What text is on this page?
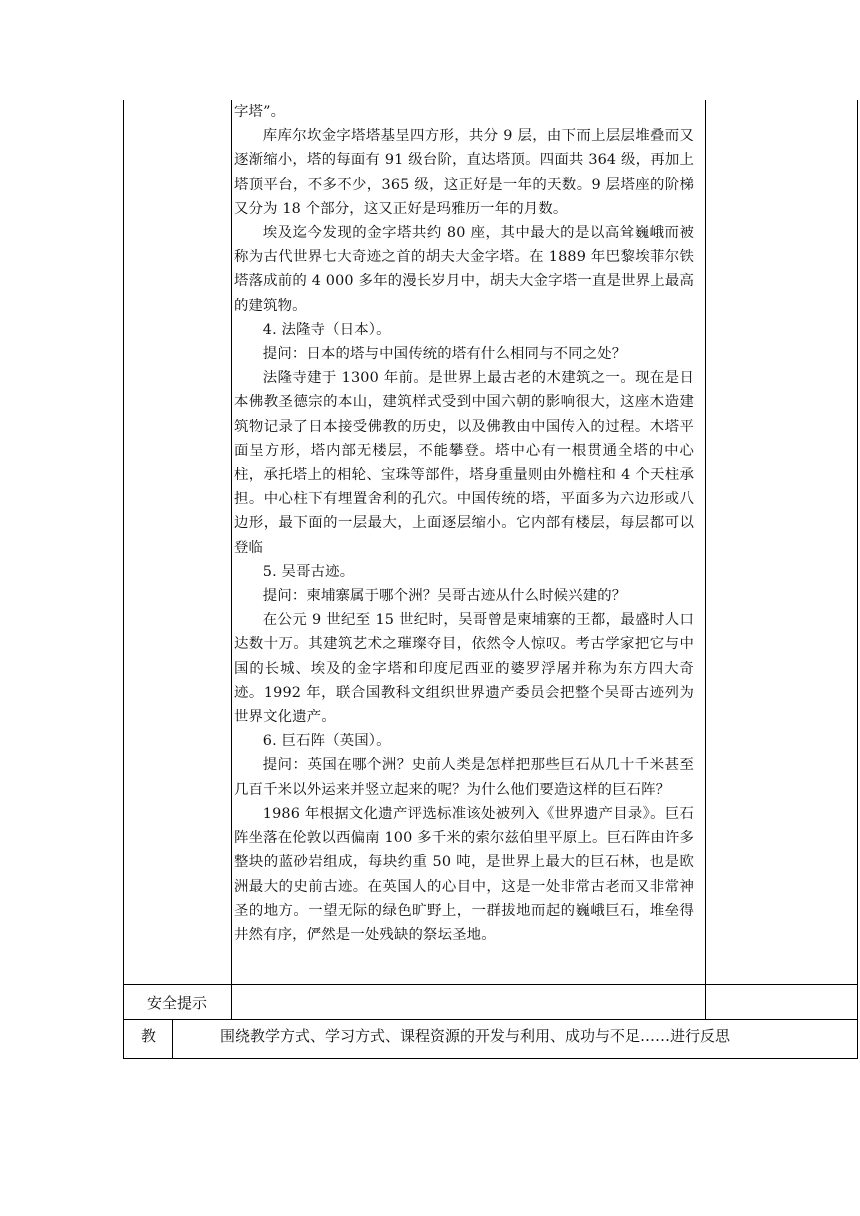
字塔”。

库库尔坎金字塔塔基呈四方形，共分 9 层，由下而上层层堆叠而又逐渐缩小，塔的每面有 91 级台阶，直达塔顶。四面共 364 级，再加上塔顶平台，不多不少，365 级，这正好是一年的天数。9 层塔座的阶梯又分为 18 个部分，这又正好是玛雅历一年的月数。

埃及迄今发现的金字塔共约 80 座，其中最大的是以高耸巍峨而被称为古代世界七大奇迹之首的胡夫大金字塔。在 1889 年巴黎埃菲尔铁塔落成前的 4 000 多年的漫长岁月中，胡夫大金字塔一直是世界上最高的建筑物。

4. 法隆寺（日本）。

提问：日本的塔与中国传统的塔有什么相同与不同之处？

法隆寺建于 1300 年前。是世界上最古老的木建筑之一。现在是日本佛教圣德宗的本山，建筑样式受到中国六朝的影响很大，这座木造建筑物记录了日本接受佛教的历史，以及佛教由中国传入的过程。木塔平面呈方形，塔内部无楼层，不能攀登。塔中心有一根贯通全塔的中心柱，承托塔上的相轮、宝珠等部件，塔身重量则由外檐柱和 4 个天柱承担。中心柱下有埋置舍利的孔穴。中国传统的塔，平面多为六边形或八边形，最下面的一层最大，上面逐层缩小。它内部有楼层，每层都可以登临

5. 吴哥古迹。

提问：柬埔寨属于哪个洲？吴哥古迹从什么时候兴建的？

在公元 9 世纪至 15 世纪时，吴哥曾是柬埔寨的王都，最盛时人口达数十万。其建筑艺术之璀璨夺目，依然令人惊叹。考古学家把它与中国的长城、埃及的金字塔和印度尼西亚的婆罗浮屠并称为东方四大奇迹。1992 年，联合国教科文组织世界遗产委员会把整个吴哥古迹列为世界文化遗产。

6. 巨石阵（英国）。

提问：英国在哪个洲？史前人类是怎样把那些巨石从几十千米甚至几百千米以外运来并竖立起来的呢？为什么他们要造这样的巨石阵？

1986 年根据文化遗产评选标准该处被列入《世界遗产目录》。巨石阵坐落在伦敦以西偏南 100 多千米的索尔兹伯里平原上。巨石阵由许多整块的蓝砂岩组成，每块约重 50 吨，是世界上最大的巨石林，也是欧洲最大的史前古迹。在英国人的心目中，这是一处非常古老而又非常神圣的地方。一望无际的绿色旷野上，一群拔地而起的巍峨巨石，堆垒得井然有序，俨然是一处残缺的祭坛圣地。

安全提示
教	围绕教学方式、学习方式、课程资源的开发与利用、成功与不足……进行反思
